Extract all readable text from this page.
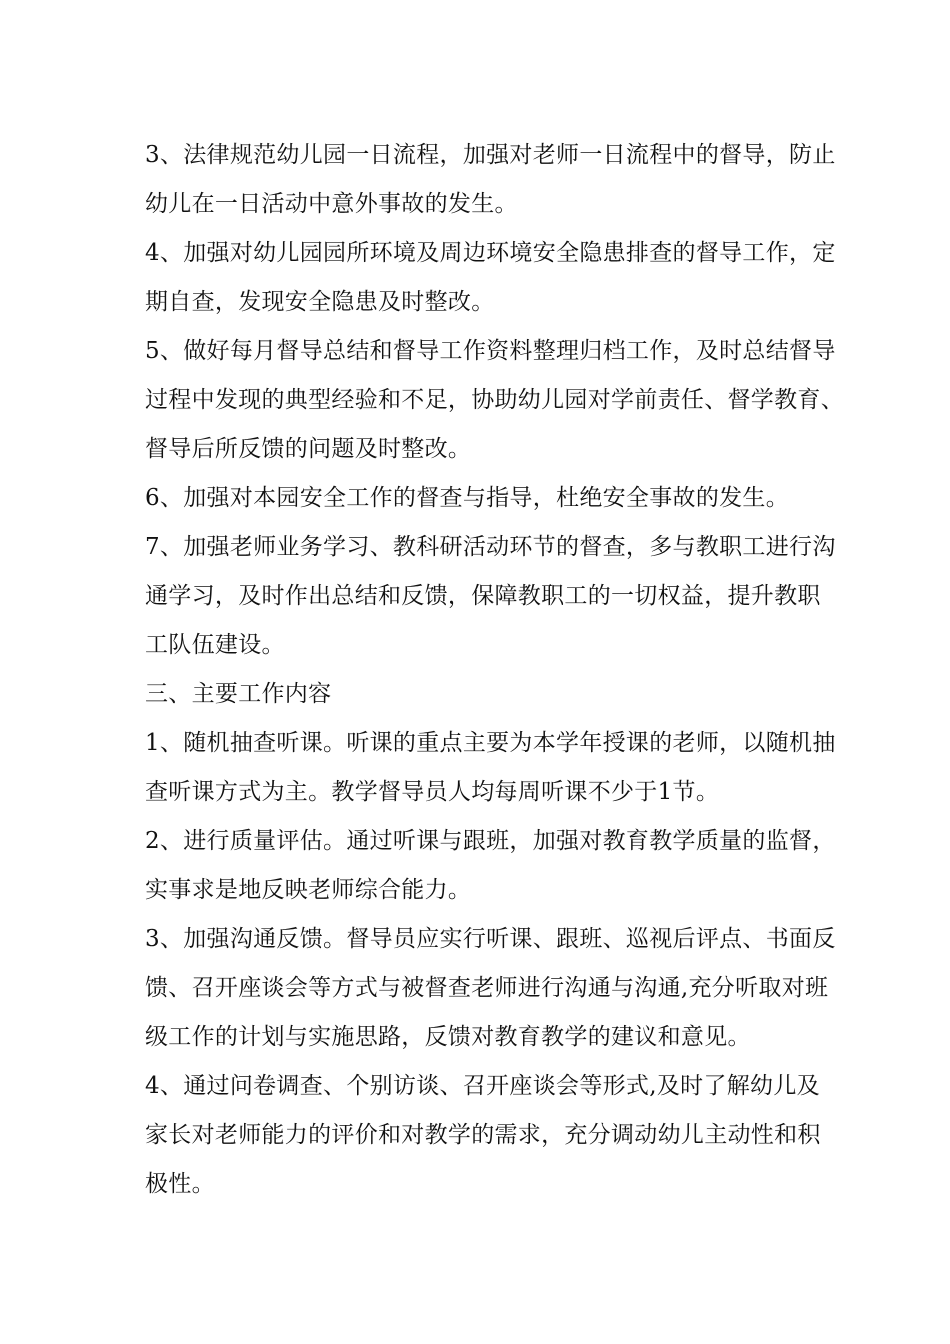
3、法律规范幼儿园一日流程，加强对老师一日流程中的督导，防止
幼儿在一日活动中意外事故的发生。
4、加强对幼儿园园所环境及周边环境安全隐患排查的督导工作，定
期自查，发现安全隐患及时整改。
5、做好每月督导总结和督导工作资料整理归档工作，及时总结督导
过程中发现的典型经验和不足，协助幼儿园对学前责任、督学教育、
督导后所反馈的问题及时整改。
6、加强对本园安全工作的督查与指导，杜绝安全事故的发生。
7、加强老师业务学习、教科研活动环节的督查，多与教职工进行沟
通学习，及时作出总结和反馈，保障教职工的一切权益，提升教职
工队伍建设。
三、主要工作内容
1、随机抽查听课。听课的重点主要为本学年授课的老师，以随机抽
查听课方式为主。教学督导员人均每周听课不少于1节。
2、进行质量评估。通过听课与跟班，加强对教育教学质量的监督，
实事求是地反映老师综合能力。
3、加强沟通反馈。督导员应实行听课、跟班、巡视后评点、书面反
馈、召开座谈会等方式与被督查老师进行沟通与沟通,充分听取对班
级工作的计划与实施思路，反馈对教育教学的建议和意见。
4、通过问卷调查、个别访谈、召开座谈会等形式,及时了解幼儿及
家长对老师能力的评价和对教学的需求，充分调动幼儿主动性和积
极性。
